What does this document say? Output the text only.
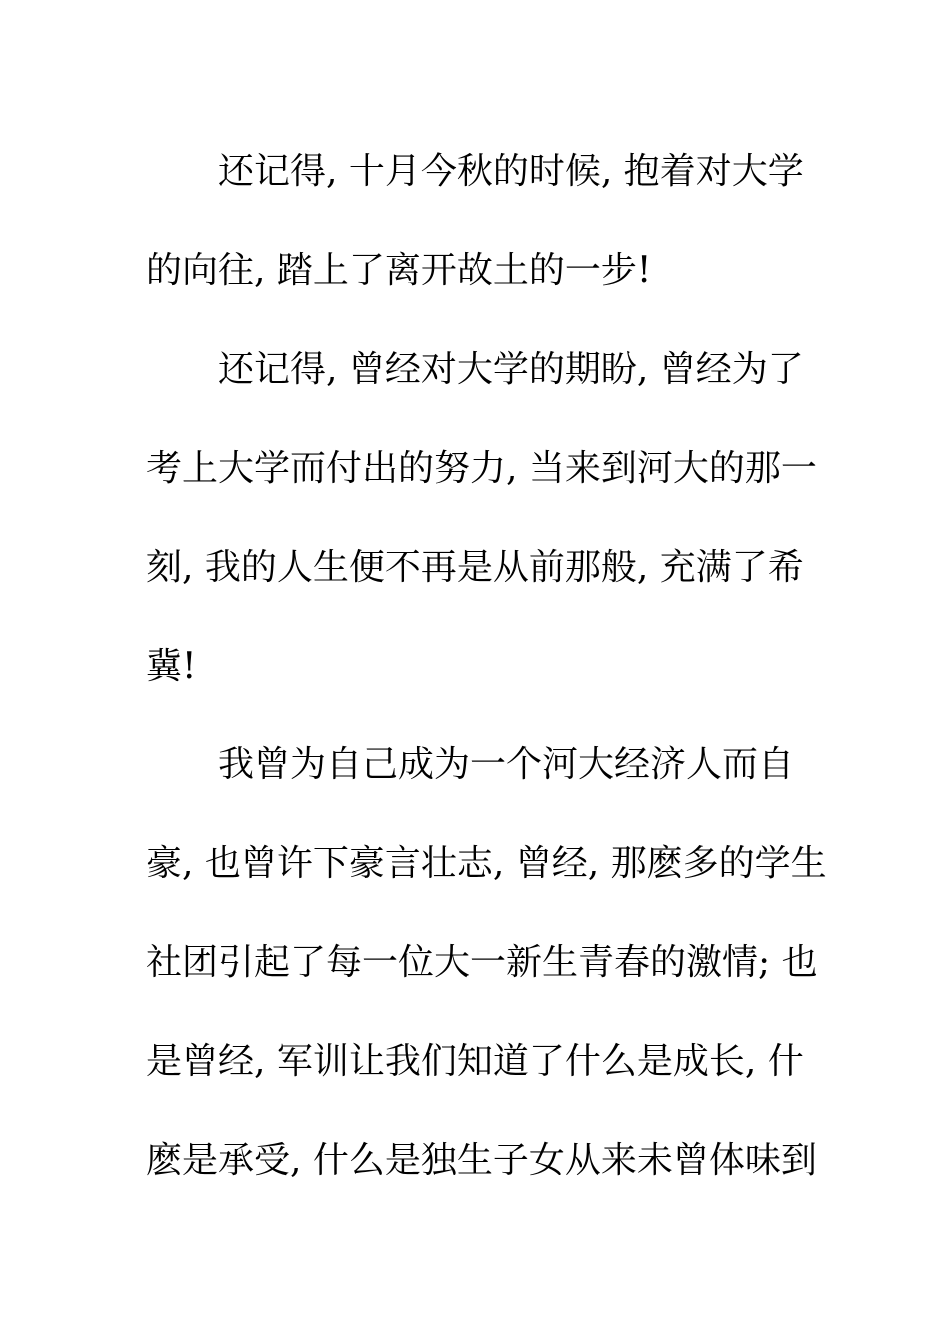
还记得, 十月今秋的时候, 抱着对大学
的向往, 踏上了离开故土的一步!
还记得, 曾经对大学的期盼, 曾经为了
考上大学而付出的努力, 当来到河大的那一
刻, 我的人生便不再是从前那般, 充满了希
冀!
我曾为自己成为一个河大经济人而自
豪, 也曾许下豪言壮志, 曾经, 那麽多的学生
社团引起了每一位大一新生青春的激情; 也
是曾经, 军训让我们知道了什么是成长, 什
麽是承受, 什么是独生子女从来未曾体味到
